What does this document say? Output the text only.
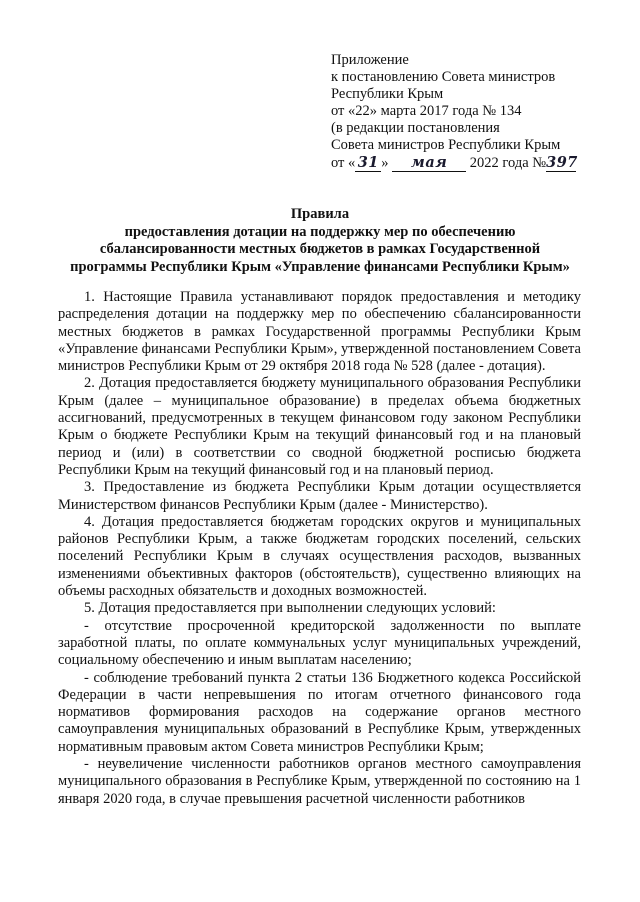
Приложение
к постановлению Совета министров
Республики Крым
от «22» марта 2017 года № 134
(в редакции постановления
Совета министров Республики Крым
от « 31 » мая 2022 года №397
Правила
предоставления дотации на поддержку мер по обеспечению
сбалансированности местных бюджетов в рамках Государственной
программы Республики Крым «Управление финансами Республики Крым»

1. Настоящие Правила устанавливают порядок предоставления и методику распределения дотации на поддержку мер по обеспечению сбалансированности местных бюджетов в рамках Государственной программы Республики Крым «Управление финансами Республики Крым», утвержденной постановлением Совета министров Республики Крым от 29 октября 2018 года № 528 (далее - дотация).

2. Дотация предоставляется бюджету муниципального образования Республики Крым (далее – муниципальное образование) в пределах объема бюджетных ассигнований, предусмотренных в текущем финансовом году законом Республики Крым о бюджете Республики Крым на текущий финансовый год и на плановый период и (или) в соответствии со сводной бюджетной росписью бюджета Республики Крым на текущий финансовый год и на плановый период.

3. Предоставление из бюджета Республики Крым дотации осуществляется Министерством финансов Республики Крым (далее - Министерство).

4. Дотация предоставляется бюджетам городских округов и муниципальных районов Республики Крым, а также бюджетам городских поселений, сельских поселений Республики Крым в случаях осуществления расходов, вызванных изменениями объективных факторов (обстоятельств), существенно влияющих на объемы расходных обязательств и доходных возможностей.

5. Дотация предоставляется при выполнении следующих условий:

- отсутствие просроченной кредиторской задолженности по выплате заработной платы, по оплате коммунальных услуг муниципальных учреждений, социальному обеспечению и иным выплатам населению;

- соблюдение требований пункта 2 статьи 136 Бюджетного кодекса Российской Федерации в части непревышения по итогам отчетного финансового года нормативов формирования расходов на содержание органов местного самоуправления муниципальных образований в Республике Крым, утвержденных нормативным правовым актом Совета министров Республики Крым;

- неувеличение численности работников органов местного самоуправления муниципального образования в Республике Крым, утвержденной по состоянию на 1 января 2020 года, в случае превышения расчетной численности работников
